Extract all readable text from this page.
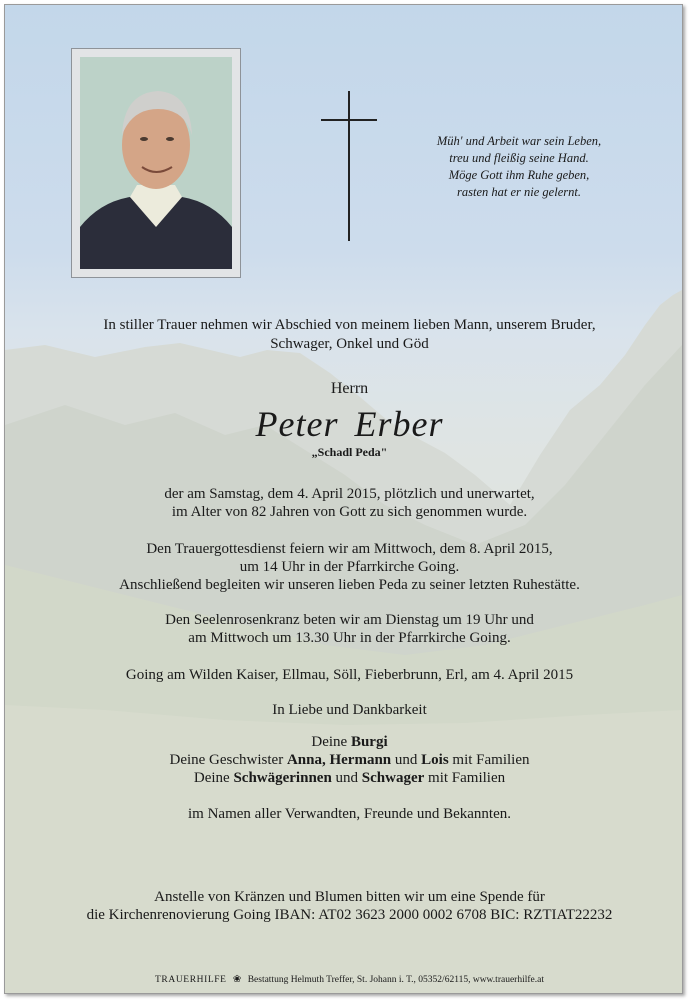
Müh' und Arbeit war sein Leben,
treu und fleißig seine Hand.
Möge Gott ihm Ruhe geben,
rasten hat er nie gelernt.
In stiller Trauer nehmen wir Abschied von meinem lieben Mann, unserem Bruder,
Schwager, Onkel und Göd
Herrn
Peter Erber
„Schadl Peda"
der am Samstag, dem 4. April 2015, plötzlich und unerwartet,
im Alter von 82 Jahren von Gott zu sich genommen wurde.
Den Trauergottesdienst feiern wir am Mittwoch, dem 8. April 2015,
um 14 Uhr in der Pfarrkirche Going.
Anschließend begleiten wir unseren lieben Peda zu seiner letzten Ruhestätte.
Den Seelenrosenkranz beten wir am Dienstag um 19 Uhr und
am Mittwoch um 13.30 Uhr in der Pfarrkirche Going.
Going am Wilden Kaiser, Ellmau, Söll, Fieberbrunn, Erl, am 4. April 2015
In Liebe und Dankbarkeit
Deine Burgi
Deine Geschwister Anna, Hermann und Lois mit Familien
Deine Schwägerinnen und Schwager mit Familien
im Namen aller Verwandten, Freunde und Bekannten.
Anstelle von Kränzen und Blumen bitten wir um eine Spende für
die Kirchenrenovierung Going IBAN: AT02 3623 2000 0002 6708 BIC: RZTIAT22232
TRAUERHILFE ❀ Bestattung Helmuth Treffer, St. Johann i. T., 05352/62115, www.trauerhilfe.at
